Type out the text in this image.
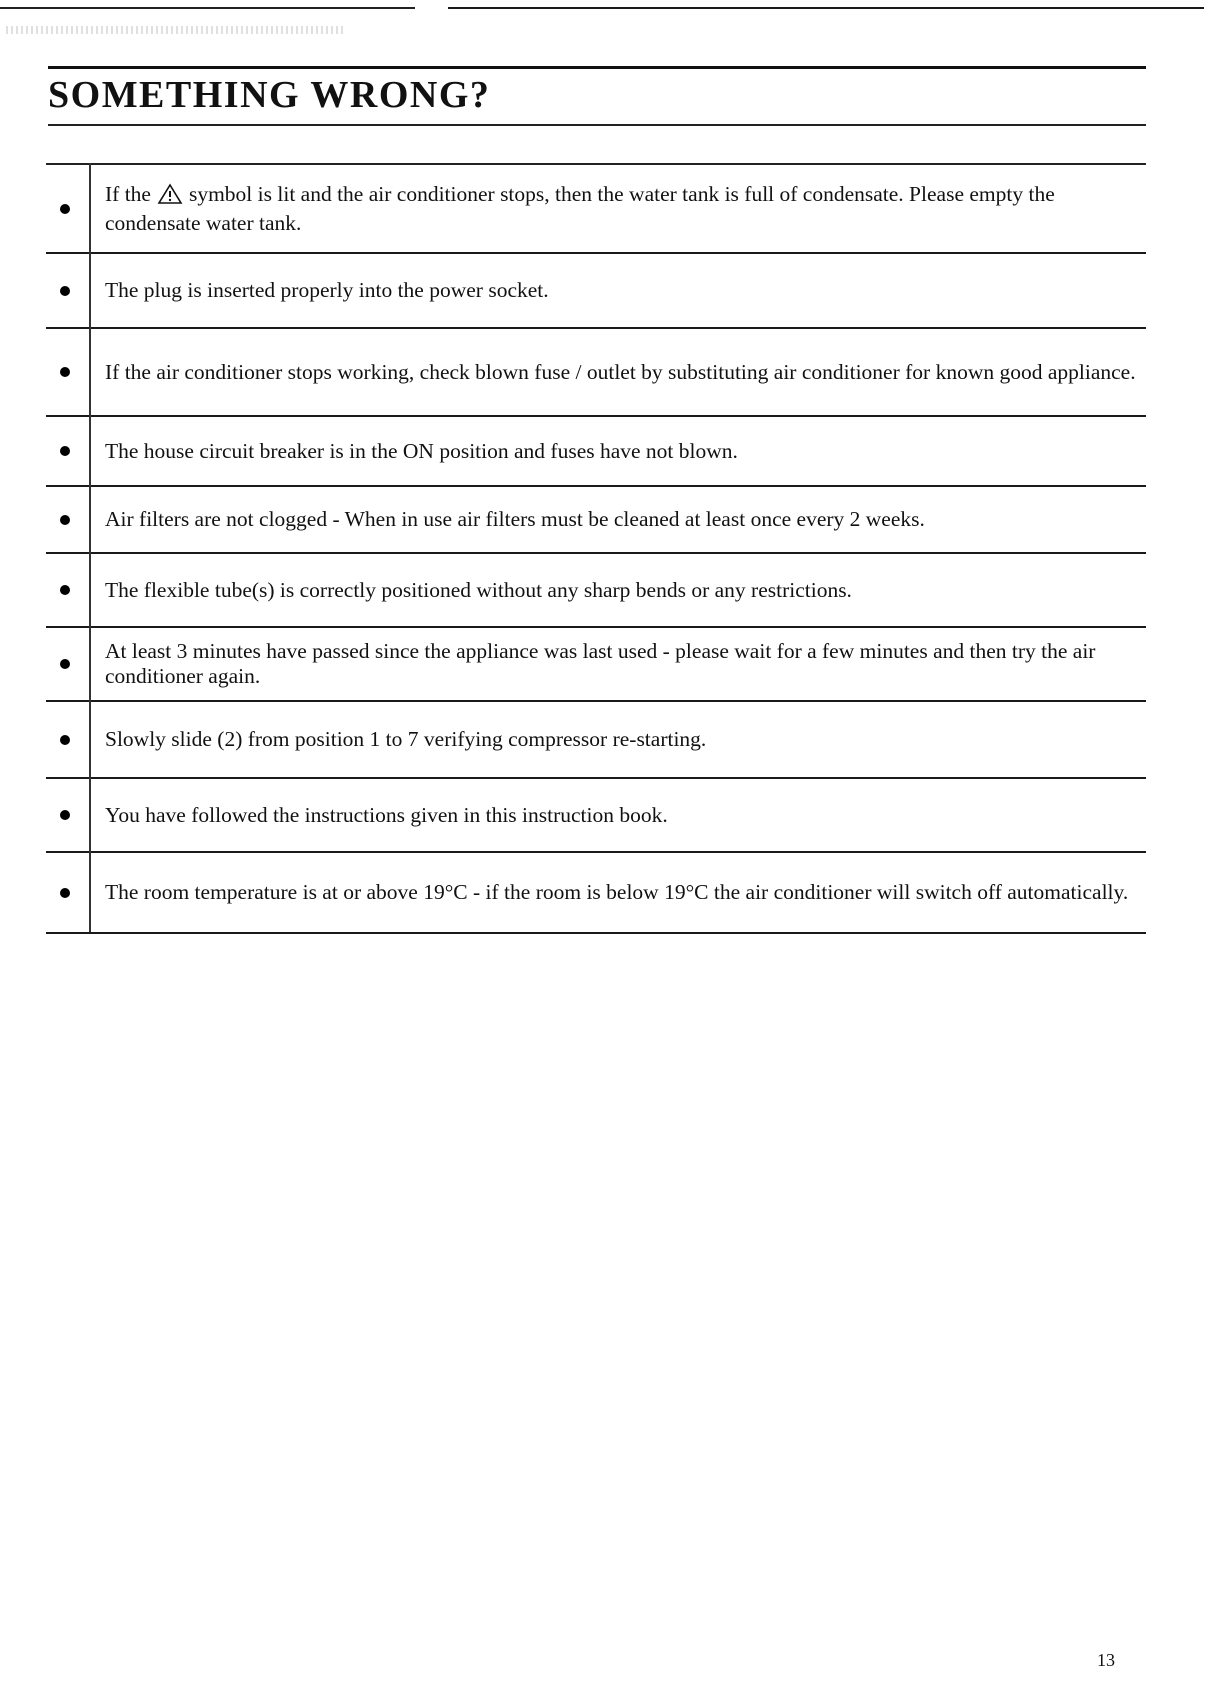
SOMETHING WRONG?
If the symbol is lit and the air conditioner stops, then the water tank is full of condensate. Please empty the condensate water tank.
The plug is inserted properly into the power socket.
If the air conditioner stops working, check blown fuse / outlet by substituting air conditioner for known good appliance.
The house circuit breaker is in the ON position and fuses have not blown.
Air filters are not clogged - When in use air filters must be cleaned at least once every 2 weeks.
The flexible tube(s) is correctly positioned without any sharp bends or any restrictions.
At least 3 minutes have passed since the appliance was last used - please wait for a few minutes and then try the air conditioner again.
Slowly slide (2) from position 1 to 7 verifying compressor re-starting.
You have followed the instructions given in this instruction book.
The room temperature is at or above 19°C - if the room is below 19°C the air conditioner will switch off automatically.
13
